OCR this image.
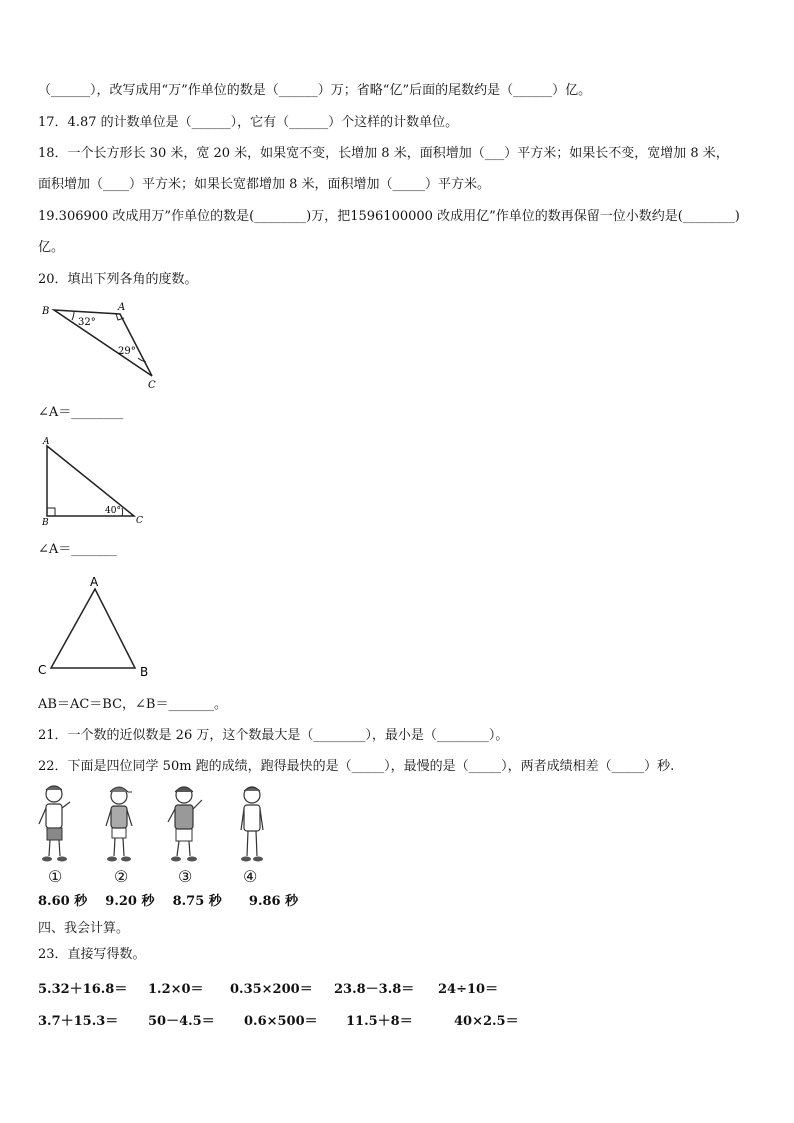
（______），改写成用“万”作单位的数是（______）万；省略“亿”后面的尾数约是（______）亿。
17．4.87 的计数单位是（______），它有（______）个这样的计数单位。
18．一个长方形长 30 米，宽 20 米，如果宽不变，长增加 8 米，面积增加（___）平方米；如果长不变，宽增加 8 米，
面积增加（____）平方米；如果长宽都增加 8 米，面积增加（_____）平方米。
19.306900 改成用万”作单位的数是(________)万，把1596100000 改成用亿”作单位的数再保留一位小数约是(________)
亿。
20．填出下列各角的度数。
B	A
C
32°
29°
∠A＝________
A
B	C
40°
∠A＝_______
A
C	B
AB＝AC＝BC，∠B＝_______。
21．一个数的近似数是 26 万，这个数最大是（________），最小是（________）。
22．下面是四位同学 50m 跑的成绩，跑得最快的是（_____），最慢的是（_____），两者成绩相差（_____）秒.
①	②	③	④
8.60 秒    9.20 秒    8.75 秒      9.86 秒
四、我会计算。
23．直接写得数。
5.32＋16.8＝ 1.2×0＝ 0.35×200＝ 23.8－3.8＝ 24÷10＝
3.7＋15.3＝ 50－4.5＝ 0.6×500＝ 11.5＋8＝	40×2.5＝
